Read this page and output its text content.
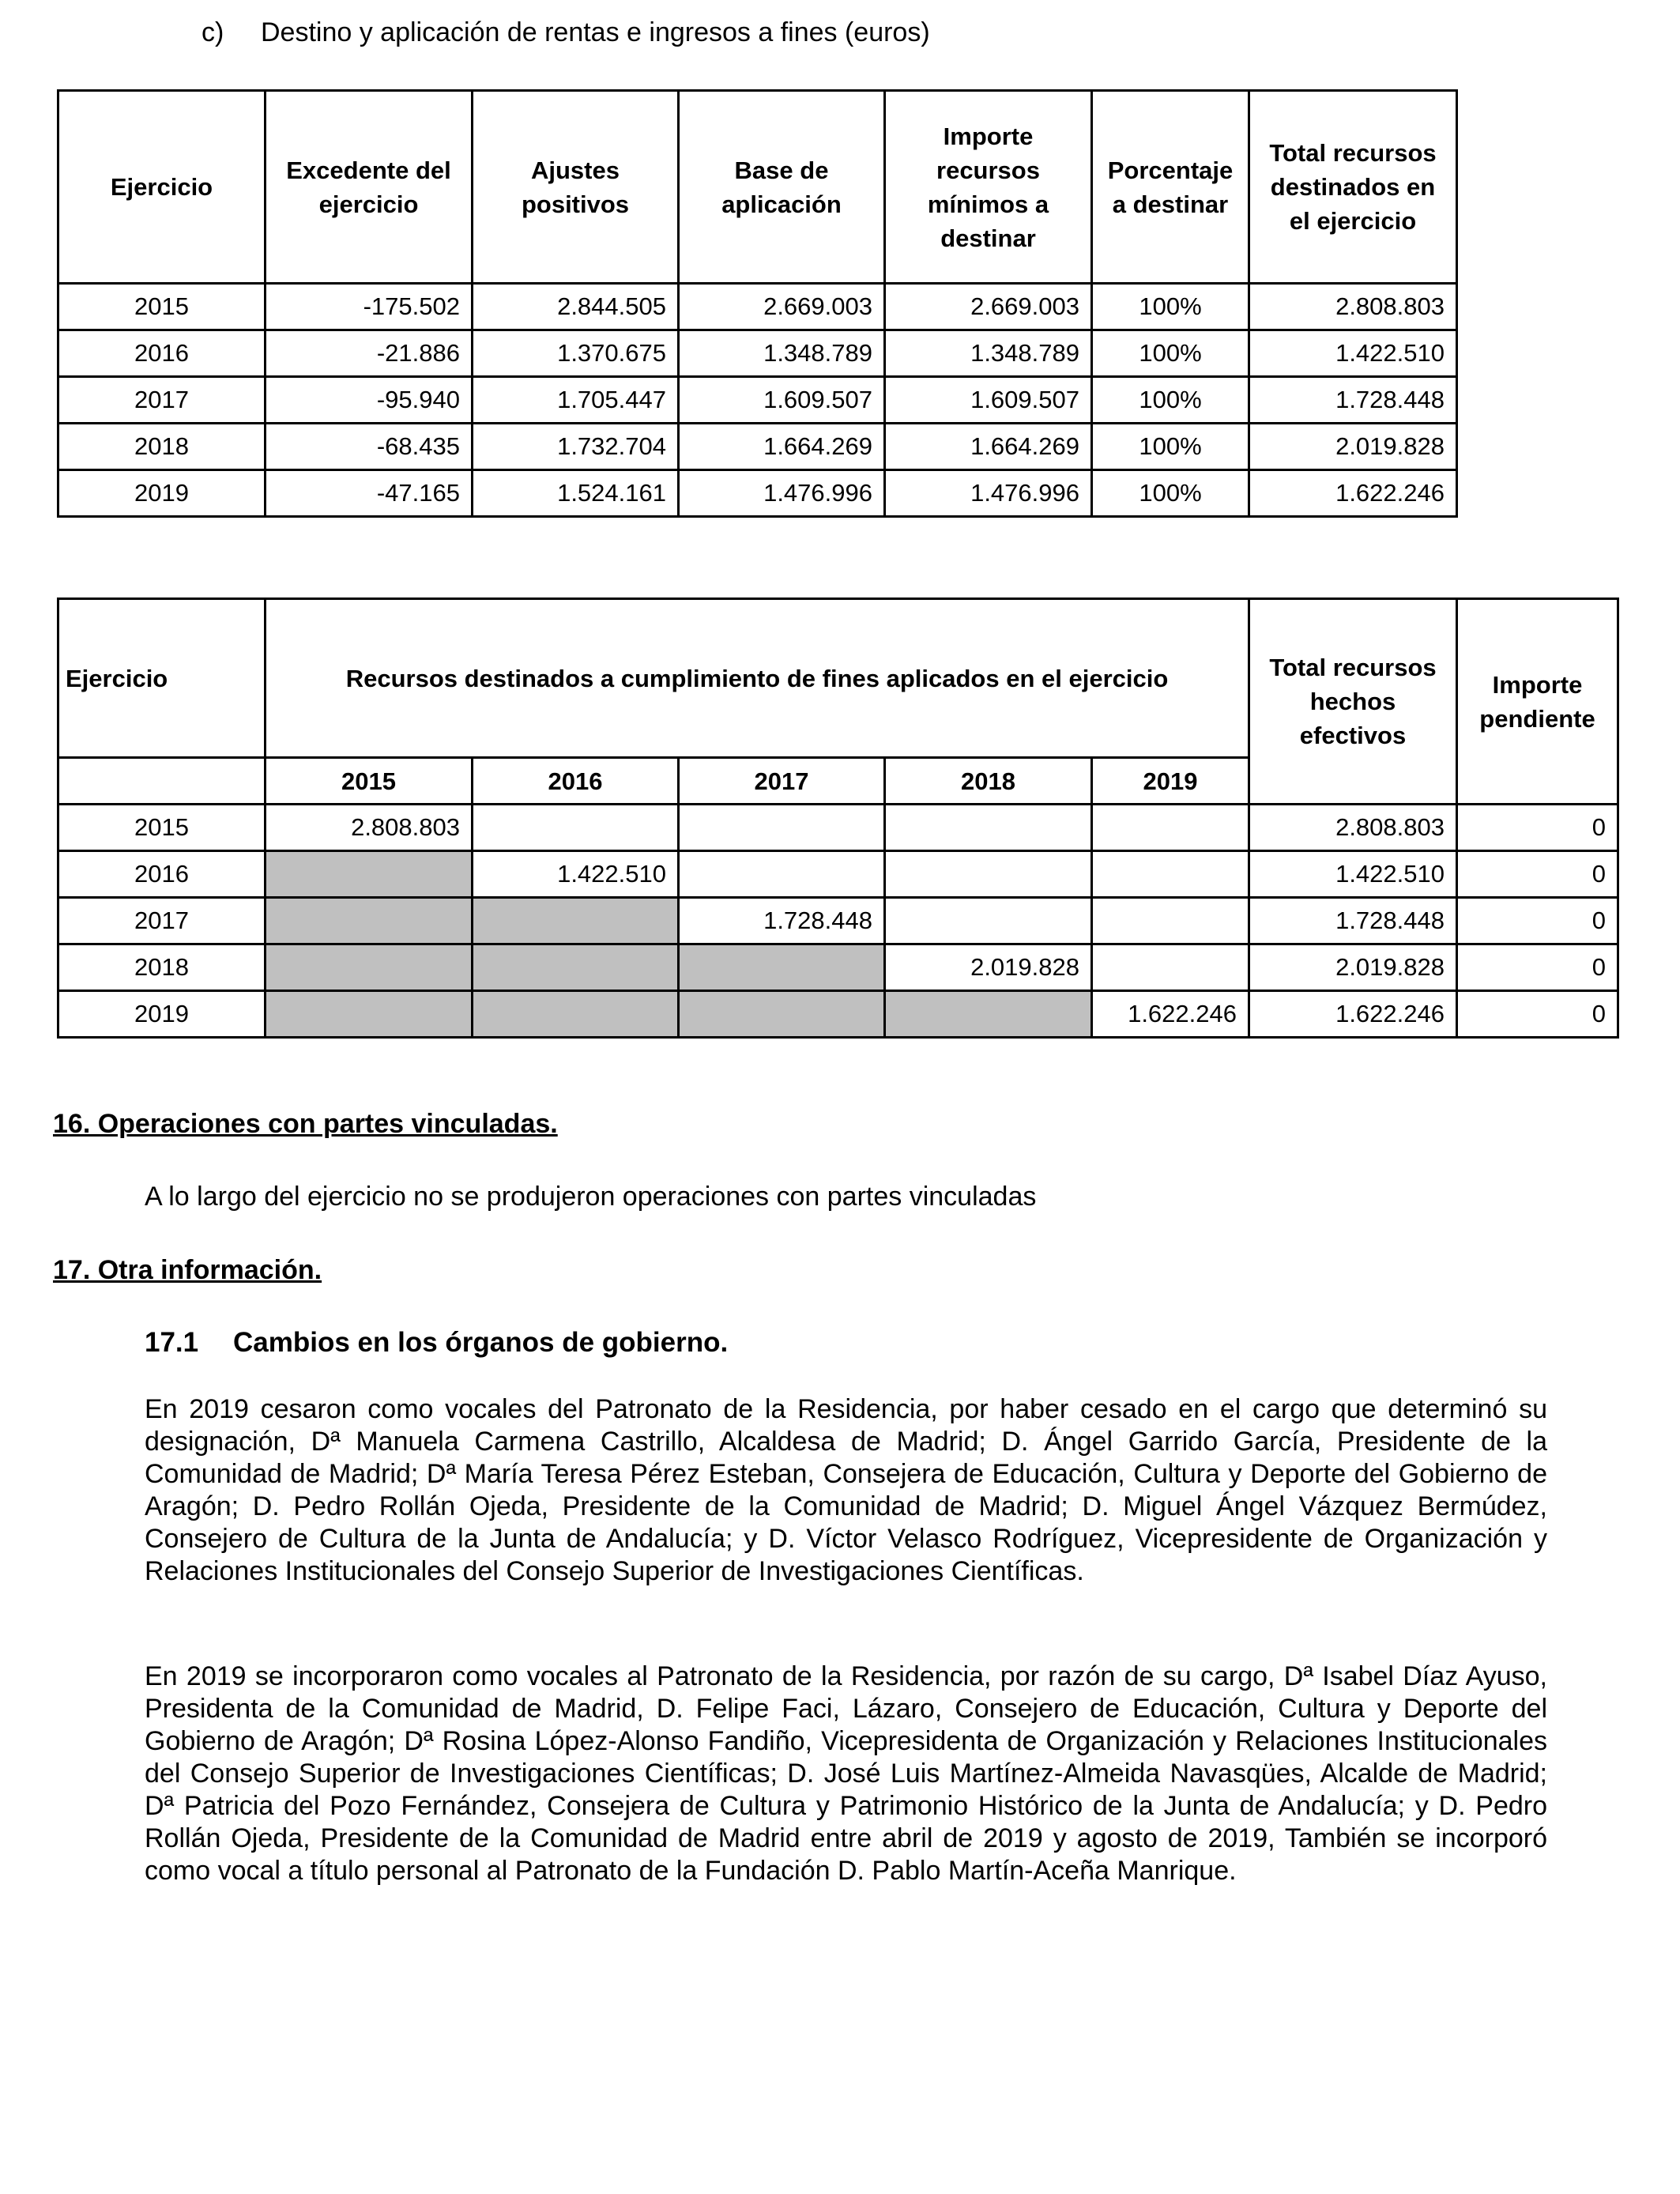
c) Destino y aplicación de rentas e ingresos a fines (euros)
Ejercicio	Excedente del ejercicio	Ajustes positivos	Base de aplicación	Importe recursos mínimos a destinar	Porcentaje a destinar	Total recursos destinados en el ejercicio
2015	-175.502	2.844.505	2.669.003	2.669.003	100%	2.808.803
2016	-21.886	1.370.675	1.348.789	1.348.789	100%	1.422.510
2017	-95.940	1.705.447	1.609.507	1.609.507	100%	1.728.448
2018	-68.435	1.732.704	1.664.269	1.664.269	100%	2.019.828
2019	-47.165	1.524.161	1.476.996	1.476.996	100%	1.622.246
Ejercicio	Recursos destinados a cumplimiento de fines aplicados en el ejercicio					Total recursos hechos efectivos	Importe pendiente
	2015	2016	2017	2018	2019		
2015	2.808.803					2.808.803	0
2016		1.422.510				1.422.510	0
2017			1.728.448			1.728.448	0
2018				2.019.828		2.019.828	0
2019					1.622.246	1.622.246	0
16. Operaciones con partes vinculadas.
A lo largo del ejercicio no se produjeron operaciones con partes vinculadas
17. Otra información.
17.1 Cambios en los órganos de gobierno.
En 2019 cesaron como vocales del Patronato de la Residencia, por haber cesado en el cargo que determinó su designación, Dª Manuela Carmena Castrillo, Alcaldesa de Madrid; D. Ángel Garrido García, Presidente de la Comunidad de Madrid; Dª María Teresa Pérez Esteban, Consejera de Educación, Cultura y Deporte del Gobierno de Aragón; D. Pedro Rollán Ojeda, Presidente de la Comunidad de Madrid; D. Miguel Ángel Vázquez Bermúdez, Consejero de Cultura de la Junta de Andalucía; y D. Víctor Velasco Rodríguez, Vicepresidente de Organización y Relaciones Institucionales del Consejo Superior de Investigaciones Científicas.
En 2019 se incorporaron como vocales al Patronato de la Residencia, por razón de su cargo, Dª Isabel Díaz Ayuso, Presidenta de la Comunidad de Madrid, D. Felipe Faci, Lázaro, Consejero de Educación, Cultura y Deporte del Gobierno de Aragón; Dª Rosina López-Alonso Fandiño, Vicepresidenta de Organización y Relaciones Institucionales del Consejo Superior de Investigaciones Científicas; D. José Luis Martínez-Almeida Navasqües, Alcalde de Madrid; Dª Patricia del Pozo Fernández, Consejera de Cultura y Patrimonio Histórico de la Junta de Andalucía; y D. Pedro Rollán Ojeda, Presidente de la Comunidad de Madrid entre abril de 2019 y agosto de 2019, También se incorporó como vocal a título personal al Patronato de la Fundación D. Pablo Martín-Aceña Manrique.
